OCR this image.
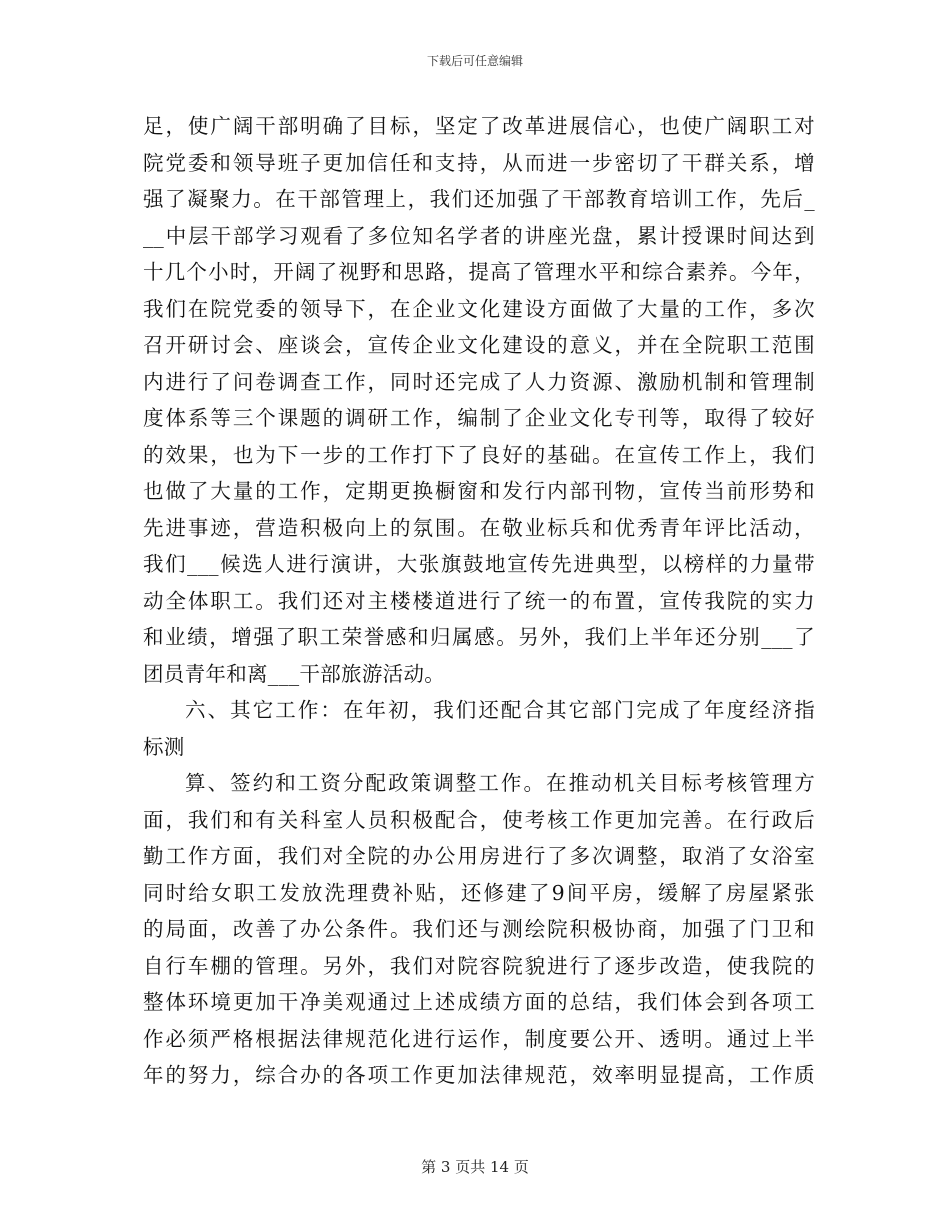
下载后可任意编辑
足 ， 使 广 阔 干 部 明 确 了 目 标 ， 坚 定 了 改 革 进 展 信 心 ， 也 使 广 阔 职 工 对
院 党 委 和 领 导 班 子 更 加 信 任 和 支 持 ， 从 而 进 一 步 密 切 了 干 群 关 系 ， 增
强 了 凝 聚 力 。 在 干 部 管 理 上 ， 我 们 还 加 强 了 干 部 教 育 培 训 工 作 ， 先 后 _
__ 中 层 干 部 学 习 观 看 了 多 位 知 名 学 者 的 讲 座 光 盘 ， 累 计 授 课 时 间 达 到
十 几 个 小 时 ， 开 阔 了 视 野 和 思 路 ， 提 高 了 管 理 水 平 和 综 合 素 养 。 今 年 ，
我 们 在 院 党 委 的 领 导 下 ， 在 企 业 文 化 建 设 方 面 做 了 大 量 的 工 作 ， 多 次
召 开 研 讨 会 、 座 谈 会 ， 宣 传 企 业 文 化 建 设 的 意 义 ， 并 在 全 院 职 工 范 围
内 进 行 了 问 卷 调 查 工 作 ， 同 时 还 完 成 了 人 力 资 源 、 激 励 机 制 和 管 理 制
度 体 系 等 三 个 课 题 的 调 研 工 作 ， 编 制 了 企 业 文 化 专 刊 等 ， 取 得 了 较 好
的 效 果 ， 也 为 下 一 步 的 工 作 打 下 了 良 好 的 基 础 。 在 宣 传 工 作 上 ， 我 们
也 做 了 大 量 的 工 作 ， 定 期 更 换 橱 窗 和 发 行 内 部 刊 物 ， 宣 传 当 前 形 势 和
先 进 事 迹 ， 营 造 积 极 向 上 的 氛 围 。 在 敬 业 标 兵 和 优 秀 青 年 评 比 活 动 ，
我 们 ___ 候 选 人 进 行 演 讲 ， 大 张 旗 鼓 地 宣 传 先 进 典 型 ， 以 榜 样 的 力 量 带
动 全 体 职 工 。 我 们 还 对 主 楼 楼 道 进 行 了 统 一 的 布 置 ， 宣 传 我 院 的 实 力
和 业 绩 ， 增 强 了 职 工 荣 誉 感 和 归 属 感 。 另 外 ， 我 们 上 半 年 还 分 别 ___ 了
团员青年和离___干部旅游活动。
六 、 其 它 工 作 ： 在 年 初 ， 我 们 还 配 合 其 它 部 门 完 成 了 年 度 经 济 指
标测
算 、 签 约 和 工 资 分 配 政 策 调 整 工 作 。 在 推 动 机 关 目 标 考 核 管 理 方
面 ， 我 们 和 有 关 科 室 人 员 积 极 配 合 ， 使 考 核 工 作 更 加 完 善 。 在 行 政 后
勤 工 作 方 面 ， 我 们 对 全 院 的 办 公 用 房 进 行 了 多 次 调 整 ， 取 消 了 女 浴 室
同 时 给 女 职 工 发 放 洗 理 费 补 贴 ， 还 修 建 了 9 间 平 房 ， 缓 解 了 房 屋 紧 张
的 局 面 ， 改 善 了 办 公 条 件 。 我 们 还 与 测 绘 院 积 极 协 商 ， 加 强 了 门 卫 和
自 行 车 棚 的 管 理 。 另 外 ， 我 们 对 院 容 院 貌 进 行 了 逐 步 改 造 ， 使 我 院 的
整 体 环 境 更 加 干 净 美 观 通 过 上 述 成 绩 方 面 的 总 结 ， 我 们 体 会 到 各 项 工
作 必 须 严 格 根 据 法 律 规 范 化 进 行 运 作 ， 制 度 要 公 开 、 透 明 。 通 过 上 半
年 的 努 力 ， 综 合 办 的 各 项 工 作 更 加 法 律 规 范 ， 效 率 明 显 提 高 ， 工 作 质
第 3 页共 14 页
